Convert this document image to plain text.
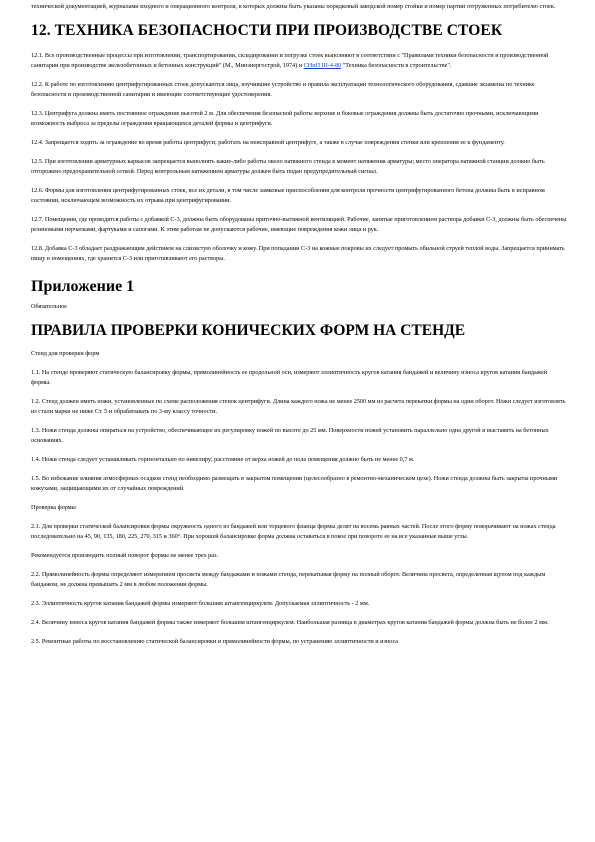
технической документацией, журналами входного и операционного контроля, в которых должны быть указаны порядковый заводской номер стойки и номер партии отгруженных потребителю стоек.

12. ТЕХНИКА БЕЗОПАСНОСТИ ПРИ ПРОИЗВОДСТВЕ СТОЕК

12.1. Все производственные процессы при изготовлении, транспортировании, складировании и погрузке стоек выполняют в соответствии с "Правилами техники безопасности и производственной санитарии при производстве железобетонных и бетонных конструкций" (М., Минэнергострой, 1974) и СНиП III-4-80 "Техника безопасности в строительстве".

12.2. К работе по изготовлению центрифугированных стоек допускаются лица, изучившие устройство и правила эксплуатации технологического оборудования, сдавшие экзамены по технике безопасности и производственной санитарии и имеющие соответствующие удостоверения.

12.3. Центрифуга должна иметь постоянное ограждение высотой 2 м. Для обеспечения безопасной работы верхние и боковые ограждения должны быть достаточно прочными, исключающими возможность выброса за пределы ограждения вращающихся деталей формы и центрифуги.

12.4. Запрещается ходить за ограждение во время работы центрифуги; работать на неисправной центрифуге, а также в случае повреждения стенки или крепления ее к фундаменту.

12.5. При изготовлении арматурных каркасов запрещается выполнять какие-либо работы около натяжного стенда в момент натяжения арматуры; место оператора натяжной станции должно быть отгорожено предохранительной сеткой. Перед контрольным натяжением арматуры должен быть подан предупредительный сигнал.

12.6. Формы для изготовления центрифугированных стоек, все их детали, в том числе замковые приспособления для контроля прочности центрифугированного бетона должны быть в исправном состоянии, исключающем возможность их отрыва при центрифугировании.

12.7. Помещения, где проводятся работы с добавкой С-3, должны быть оборудованы приточно-вытяжной вентиляцией. Рабочие, занятые приготовлением раствора добавки С-3, должны быть обеспечены резиновыми перчатками, фартуками и сапогами. К этим работам не допускаются рабочие, имеющие повреждения кожи лица и рук.

12.8. Добавка С-3 обладает раздражающим действием на слизистую оболочку и кожу. При попадании С-3 на кожные покровы их следует промыть обильной струей теплой воды. Запрещается принимать пищу в помещениях, где хранится С-3 или приготавливают его растворы.

Приложение 1

Обязательное

ПРАВИЛА ПРОВЕРКИ КОНИЧЕСКИХ ФОРМ НА СТЕНДЕ

Стенд для проверки форм

1.1. На стенде проверяют статическую балансировку формы, прямолинейность ее продольной оси, измеряют эллиптичность кругов катания бандажей и величину износа кругов катания бандажей формы.

1.2. Стенд должен иметь ножи, установленные по схеме расположения стенок центрифуги. Длина каждого ножа не менее 2500 мм из расчета перекатки формы на один оборот. Ножи следует изготовлять из стали марки не ниже Ст. 5 и обрабатывать по 3-му классу точности.

1.3. Ножи стенда должны опираться на устройство, обеспечивающее их регулировку ножей по высоте до 25 мм. Поверхности ножей установить параллельно одна другой и выставить на бетонных основаниях.

1.4. Ножи стенда следует устанавливать горизонтально по нивелиру; расстояние от верха ножей до пола помещения должно быть не менее 0,7 м.

1.5. Во избежание влияния атмосферных осадков стенд необходимо размещать в закрытом помещении (целесообразно в ремонтно-механическом цехе). Ножи стенда должны быть закрыты прочными кожухами, защищающими их от случайных повреждений.

Проверка формы

2.1. Для проверки статической балансировки формы окружность одного из бандажей или торцевого фланца формы делят на восемь равных частей. После этого форму поворачивают на ножах стенда последовательно на 45, 90, 135, 180, 225, 270, 315 и 360°. При хорошей балансировке форма должна оставаться в покое при повороте ее на все указанные выше углы.

Рекомендуется производить полный поворот формы не менее трех раз.

2.2. Прямолинейность формы определяют измерением просвета между бандажами и ножами стенда, перекатывая форму на полный оборот. Величина просвета, определенная щупом под каждым бандажом, не должна превышать 2 мм в любом положении формы.

2.3. Эллиптичность кругов катания бандажей формы измеряют большим штангенциркулем. Допускаемая эллиптичность - 2 мм.

2.4. Величину износа кругов катания бандажей формы также измеряют большим штангенциркулем. Наибольшая разница в диаметрах кругов катания бандажей формы должна быть не более 2 мм.

2.5. Ремонтные работы по восстановлению статической балансировки и прямолинейности формы, по устранению эллиптичности и износа
